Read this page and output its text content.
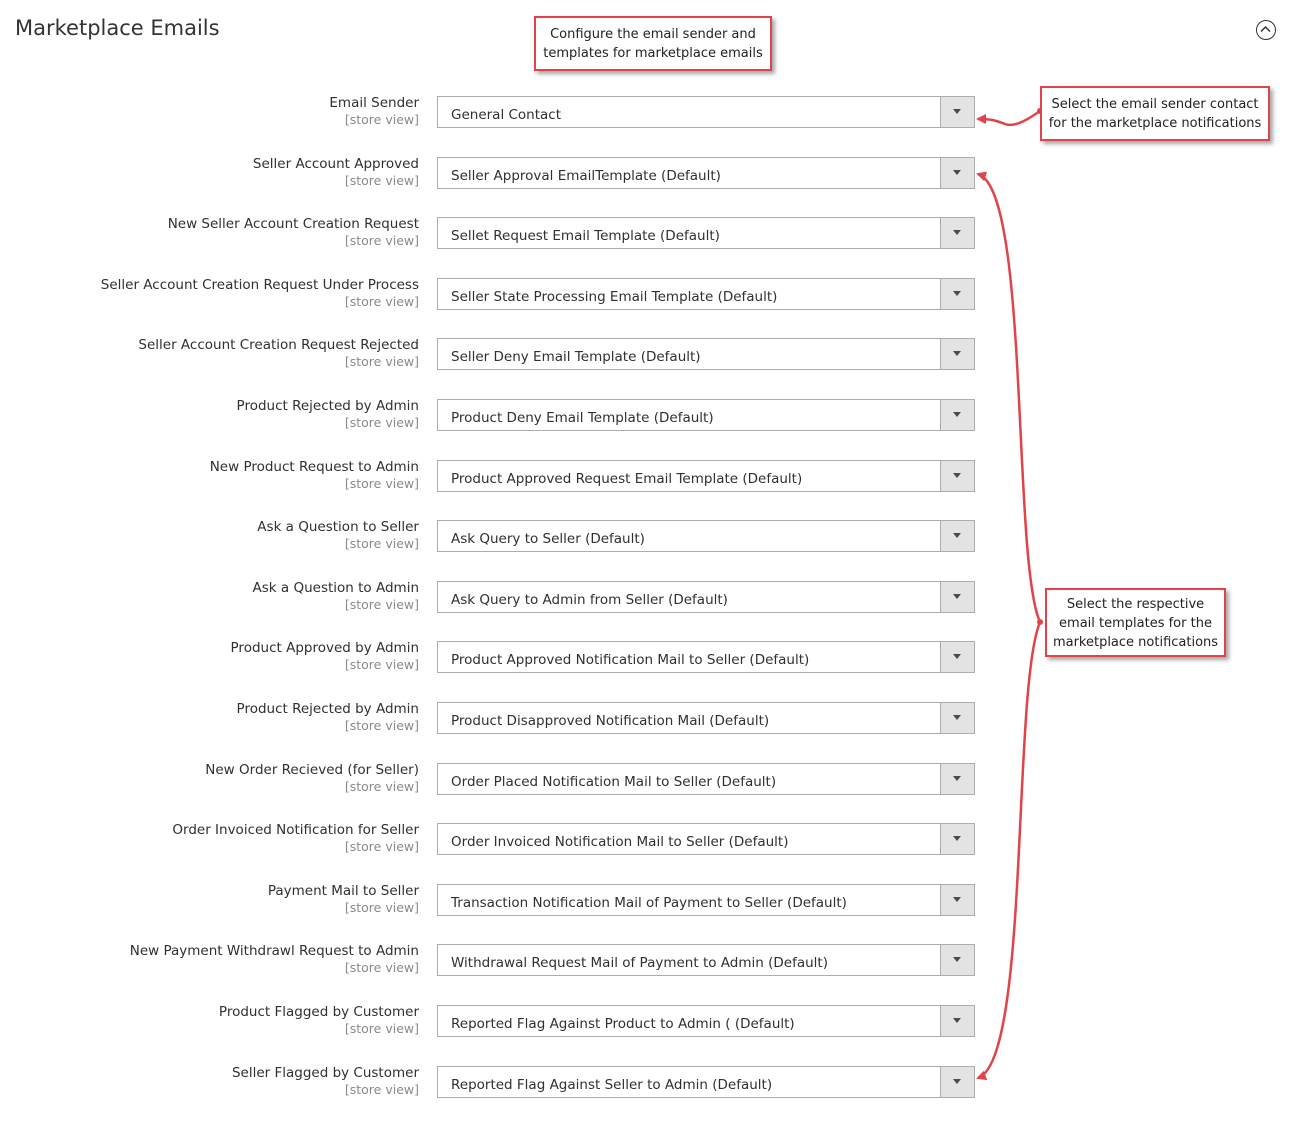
Marketplace Emails
Email Sender
[store view] General Contact
Seller Account Approved
[store view] Seller Approval EmailTemplate (Default)
New Seller Account Creation Request
[store view] Sellet Request Email Template (Default)
Seller Account Creation Request Under Process
[store view] Seller State Processing Email Template (Default)
Seller Account Creation Request Rejected
[store view] Seller Deny Email Template (Default)
Product Rejected by Admin
[store view] Product Deny Email Template (Default)
New Product Request to Admin
[store view] Product Approved Request Email Template (Default)
Ask a Question to Seller
[store view] Ask Query to Seller (Default)
Ask a Question to Admin
[store view] Ask Query to Admin from Seller (Default)
Product Approved by Admin
[store view] Product Approved Notification Mail to Seller (Default)
Product Rejected by Admin
[store view] Product Disapproved Notification Mail (Default)
New Order Recieved (for Seller)
[store view] Order Placed Notification Mail to Seller (Default)
Order Invoiced Notification for Seller
[store view] Order Invoiced Notification Mail to Seller (Default)
Payment Mail to Seller
[store view] Transaction Notification Mail of Payment to Seller (Default)
New Payment Withdrawl Request to Admin
[store view] Withdrawal Request Mail of Payment to Admin (Default)
Product Flagged by Customer
[store view] Reported Flag Against Product to Admin ( (Default)
Seller Flagged by Customer
[store view] Reported Flag Against Seller to Admin (Default)
Configure the email sender and
templates for marketplace emails
Select the email sender contact
for the marketplace notifications
Select the respective
email templates for the
marketplace notifications
